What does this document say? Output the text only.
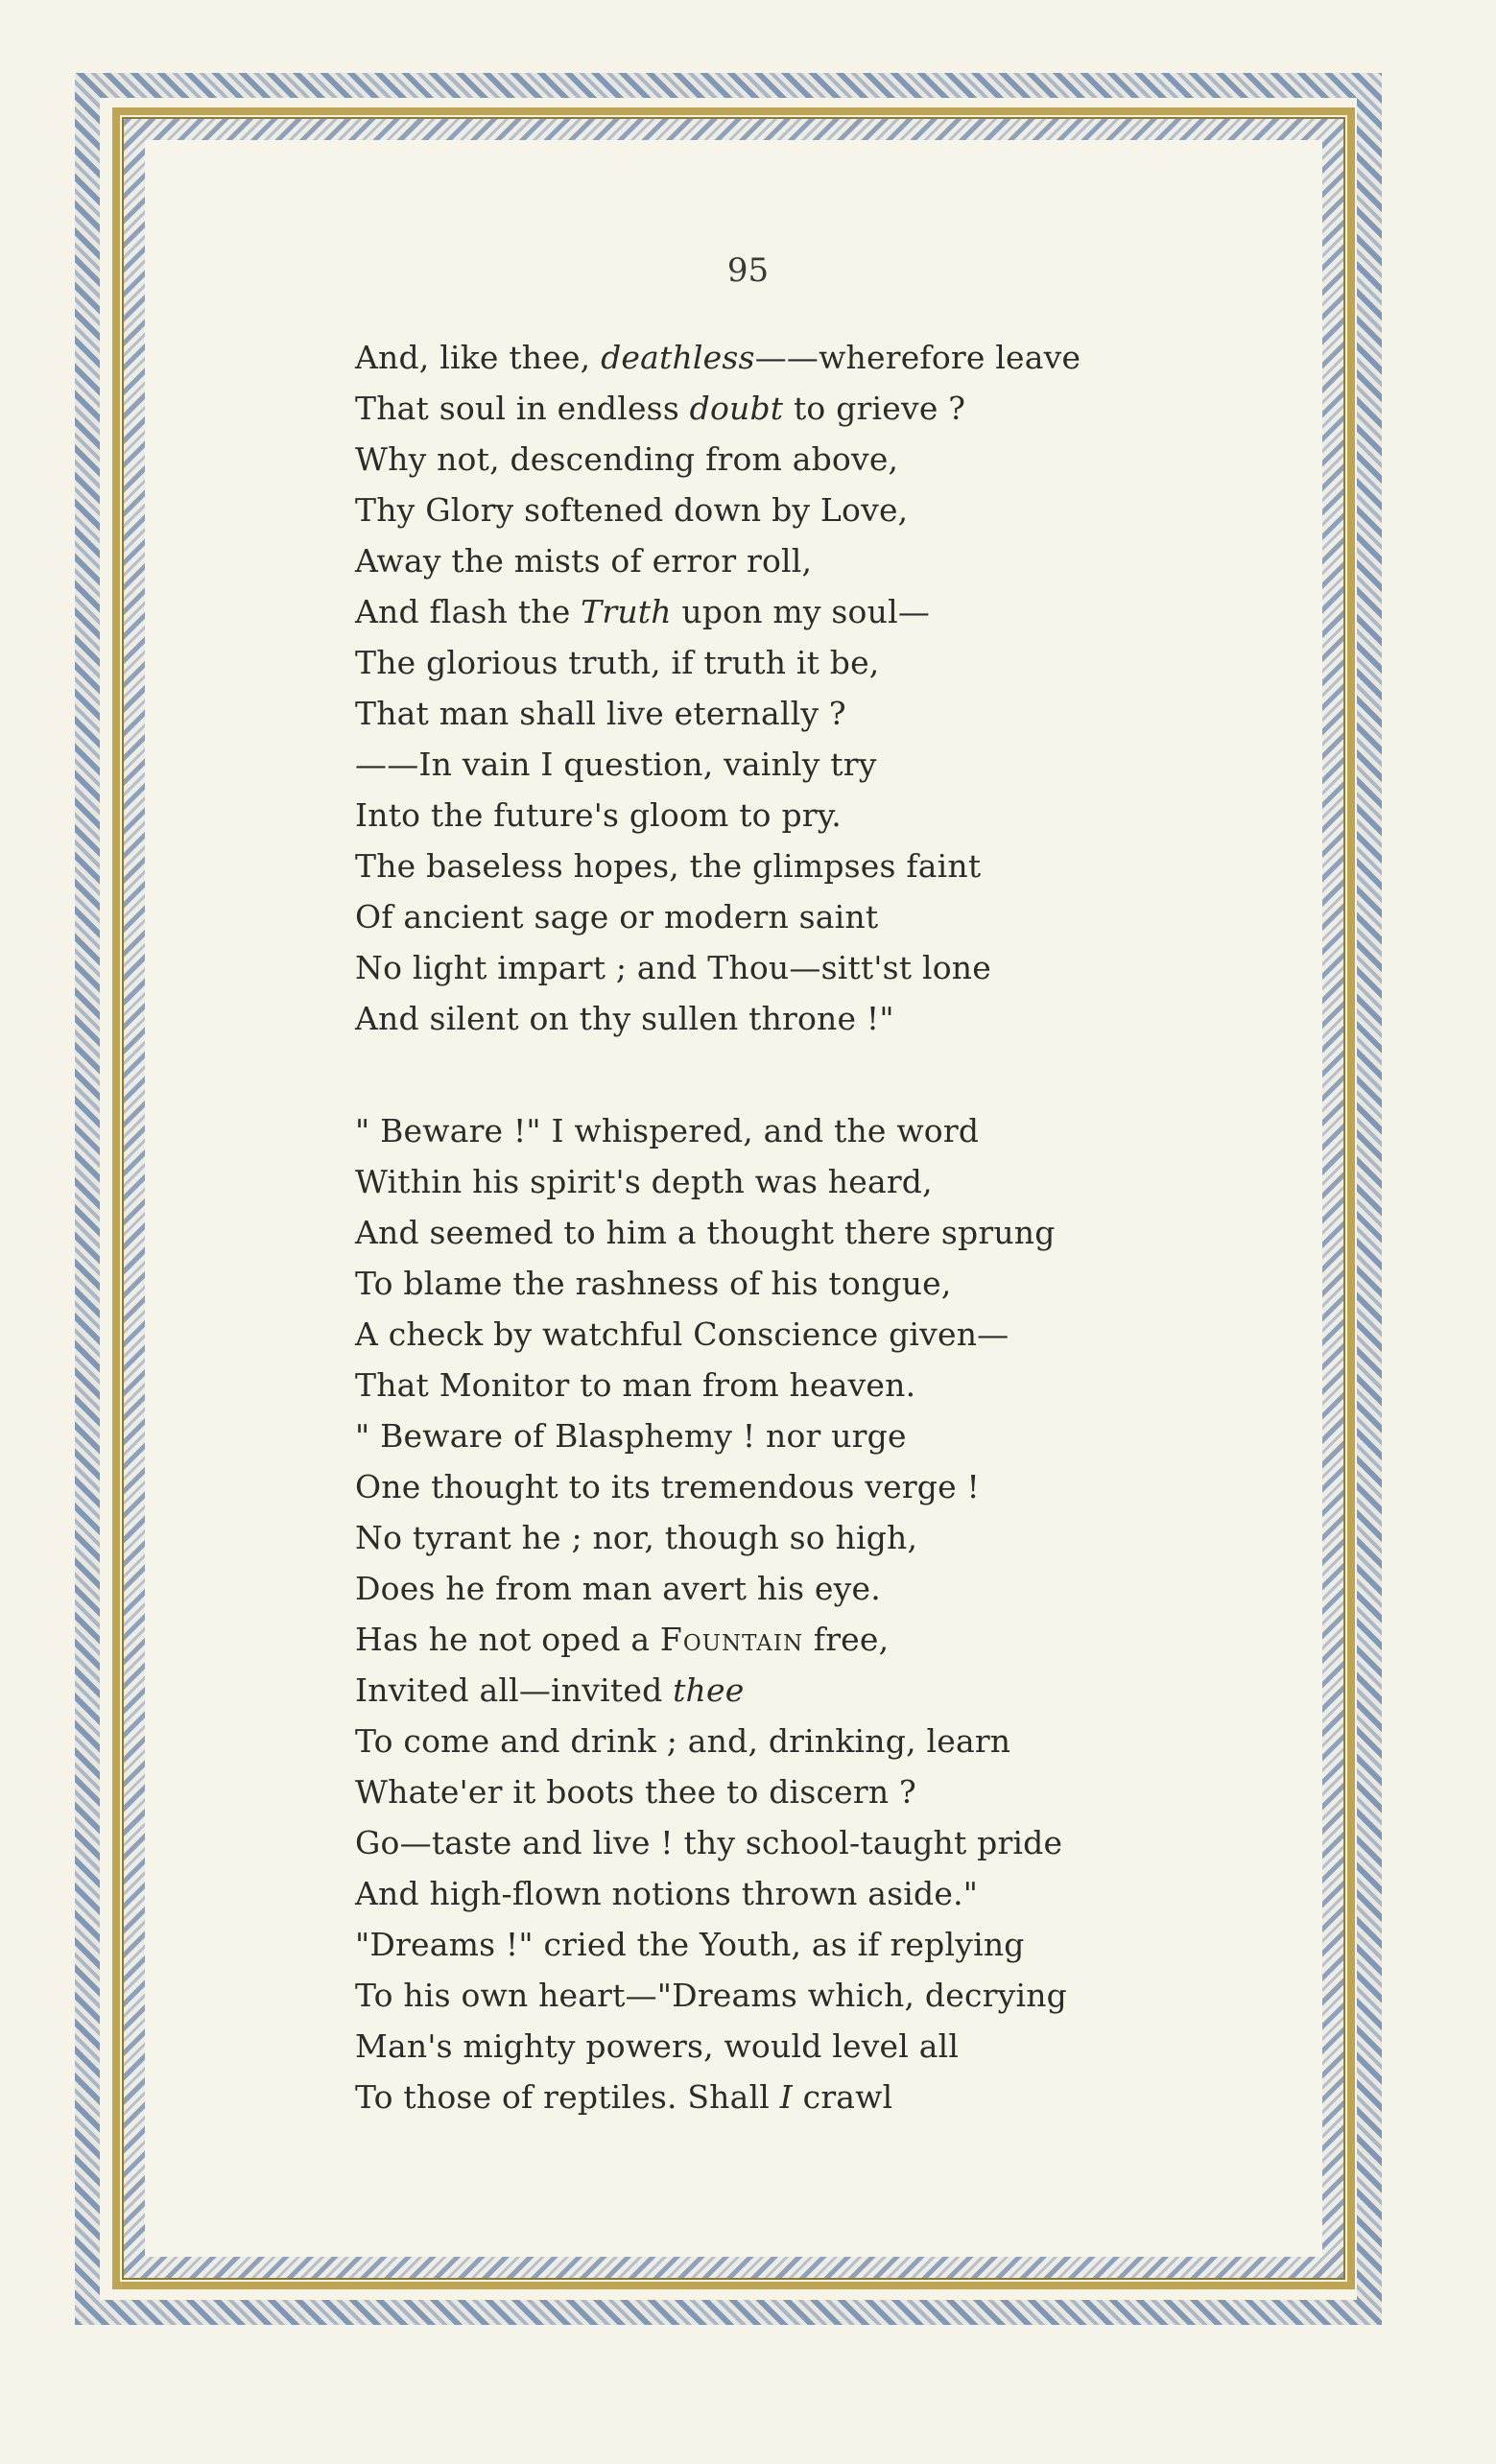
95
And, like thee, deathless——wherefore leave
That soul in endless doubt to grieve ?
Why not, descending from above,
Thy Glory softened down by Love,
Away the mists of error roll,
And flash the Truth upon my soul—
The glorious truth, if truth it be,
That man shall live eternally ?
——In vain I question, vainly try
Into the future's gloom to pry.
The baseless hopes, the glimpses faint
Of ancient sage or modern saint
No light impart ; and Thou—sitt'st lone
And silent on thy sullen throne !"
" Beware !" I whispered, and the word
Within his spirit's depth was heard,
And seemed to him a thought there sprung
To blame the rashness of his tongue,
A check by watchful Conscience given—
That Monitor to man from heaven.
" Beware of Blasphemy ! nor urge
One thought to its tremendous verge !
No tyrant he ; nor, though so high,
Does he from man avert his eye.
Has he not oped a Fountain free,
Invited all—invited thee
To come and drink ; and, drinking, learn
Whate'er it boots thee to discern ?
Go—taste and live ! thy school-taught pride
And high-flown notions thrown aside."
"Dreams !" cried the Youth, as if replying
To his own heart—"Dreams which, decrying
Man's mighty powers, would level all
To those of reptiles. Shall I crawl
